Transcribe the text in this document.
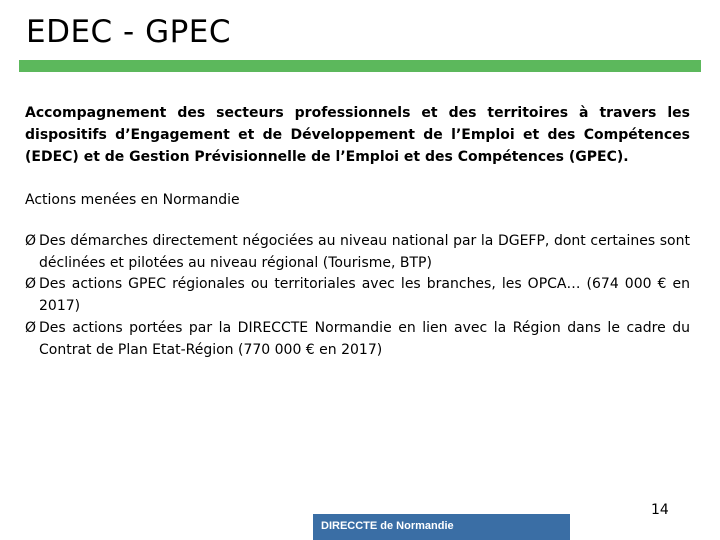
EDEC - GPEC

Accompagnement des secteurs professionnels et des territoires à travers les dispositifs d’Engagement et de Développement de l’Emploi et des Compétences (EDEC) et de Gestion Prévisionnelle de l’Emploi et des Compétences (GPEC).

Actions menées en Normandie
Ø Des démarches directement négociées au niveau national par la DGEFP, dont certaines sont déclinées et pilotées au niveau régional (Tourisme, BTP)
Ø Des actions GPEC régionales ou territoriales avec les branches, les OPCA… (674 000 € en 2017)
Ø Des actions portées par la DIRECCTE Normandie en lien avec la Région dans le cadre du Contrat de Plan Etat-Région (770 000 € en 2017)
14
DIRECCTE de Normandie
